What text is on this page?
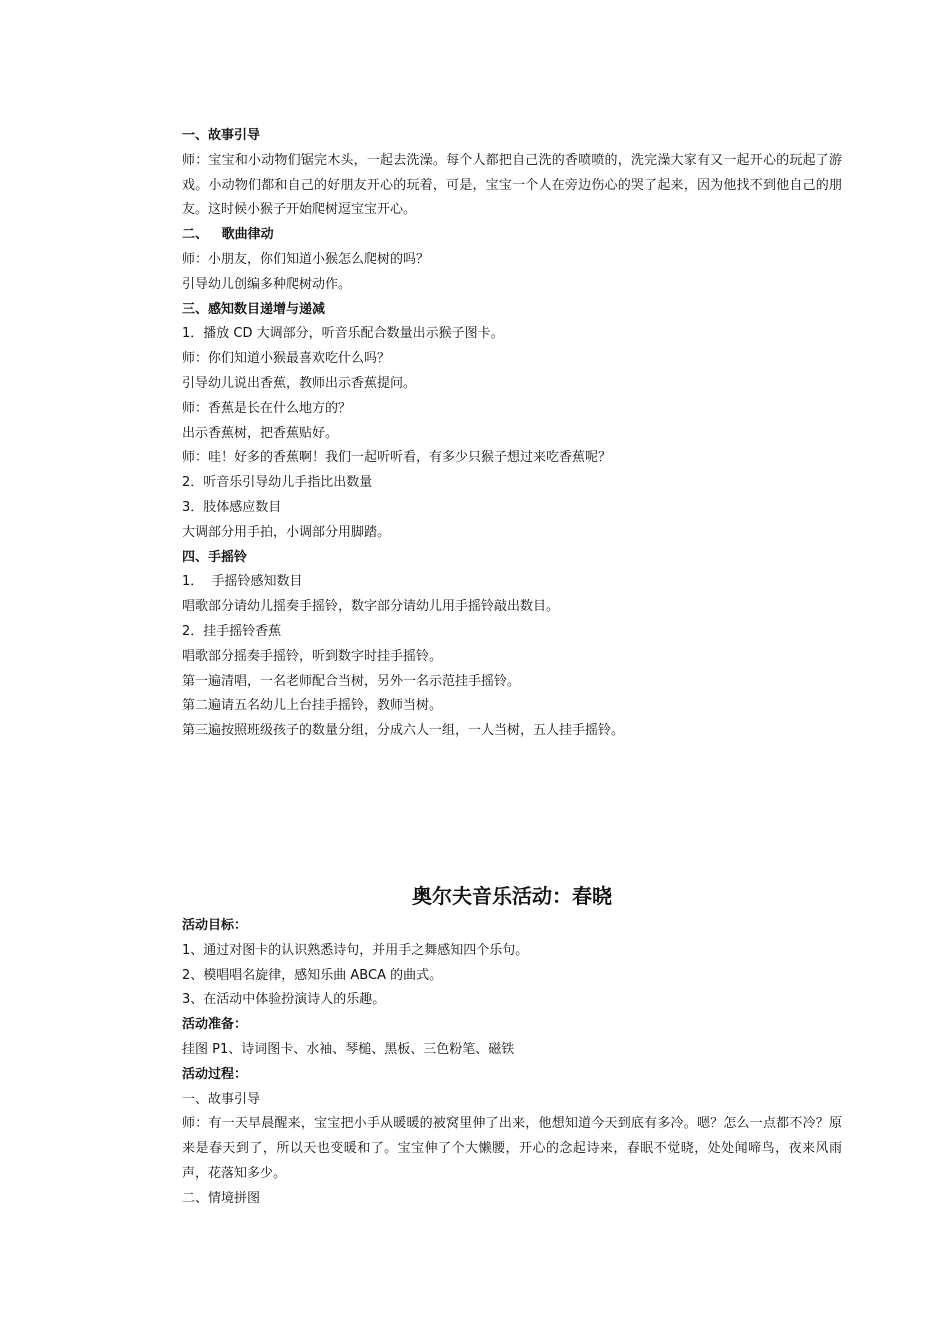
一、故事引导

师：宝宝和小动物们锯完木头，一起去洗澡。每个人都把自己洗的香喷喷的，洗完澡大家有又一起开心的玩起了游戏。小动物们都和自己的好朋友开心的玩着，可是，宝宝一个人在旁边伤心的哭了起来，因为他找不到他自己的朋友。这时候小猴子开始爬树逗宝宝开心。

二、   歌曲律动

师：小朋友，你们知道小猴怎么爬树的吗？

引导幼儿创编多种爬树动作。

三、感知数目递增与递减

1．播放 CD 大调部分，听音乐配合数量出示猴子图卡。

师：你们知道小猴最喜欢吃什么吗？

引导幼儿说出香蕉，教师出示香蕉提问。

师：香蕉是长在什么地方的？

出示香蕉树，把香蕉贴好。

师：哇！好多的香蕉啊！我们一起听听看，有多少只猴子想过来吃香蕉呢？

2．听音乐引导幼儿手指比出数量

3．肢体感应数目

大调部分用手拍，小调部分用脚踏。

四、手摇铃

1．  手摇铃感知数目

唱歌部分请幼儿摇奏手摇铃，数字部分请幼儿用手摇铃敲出数目。

2．挂手摇铃香蕉

唱歌部分摇奏手摇铃，听到数字时挂手摇铃。

第一遍清唱，一名老师配合当树，另外一名示范挂手摇铃。

第二遍请五名幼儿上台挂手摇铃，教师当树。

第三遍按照班级孩子的数量分组，分成六人一组，一人当树，五人挂手摇铃。

奥尔夫音乐活动：春晓

活动目标：

1、通过对图卡的认识熟悉诗句，并用手之舞感知四个乐句。

2、模唱唱名旋律，感知乐曲 ABCA 的曲式。

3、在活动中体验扮演诗人的乐趣。

活动准备：

挂图 P1、诗词图卡、水袖、琴槌、黑板、三色粉笔、磁铁

活动过程：

一、故事引导

师：有一天早晨醒来，宝宝把小手从暖暖的被窝里伸了出来，他想知道今天到底有多冷。嗯？怎么一点都不冷？原来是春天到了，所以天也变暖和了。宝宝伸了个大懒腰，开心的念起诗来，春眠不觉晓，处处闻啼鸟，夜来风雨声，花落知多少。

二、情境拼图
